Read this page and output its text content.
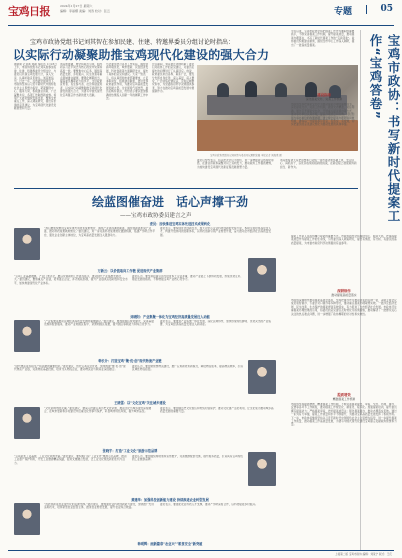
宝鸡日报	2024年1月27日 星期六
编辑：李丽娜 美编：刘涛 校对：张云	专题	05
宝鸡市政协党组书记刘其智在参加民建、住建、特邀界委员分组讨论时指出：
以实际行动凝聚助推宝鸡现代化建设的强大合力
据新闻 记者黄 刘敏 本报讯 1月23日上午，市政协党组书记刘其智参加民建、住建、特邀界委员分组讨论，与委员们共商宝鸡发展大计，深入交流、认真听取意见建议。刘其智指出，过去一年，在市委坚强领导下，市政协坚持以习近平新时代中国特色社会主义思想为指导，紧紧围绕中心，服务大局，积极建言资政、广泛凝聚共识，各项工作取得新成效。希望广大委员继续发挥优势，聚焦全市重点工作，深入调查研究，提出有价值的意见建议，为宝鸡现代化建设贡献智慧和力量。
刘其智强调，要坚持政治引领，始终同以习近平同志为核心的党中央保持高度一致。要聚焦中心任务，围绕高质量发展、乡村振兴、民生改善等重点领域建言献策。要强化履职担当，提高委员履职能力和水平，当好政策宣传者、民生参与者、社会和谐促进者，以实际行动凝聚助推宝鸡现代化建设的强大合力，为谱写中国式现代化宝鸡篇章作出新的更大贡献。
与会委员结合各自工作实际，围绕营商环境优化、城市更新、民营经济发展、科技创新等方面踊跃发言，提出了具体的意见和建议。大家一致表示，将认真贯彻市委部署要求，立足本职岗位，积极建言献策，更好发挥政协委员作用，为推动宝鸡高质量发展贡献力量。讨论现场气氛热烈，委员们畅所欲言，纷纷表示要以更加饱满的热情投入到新一年的履职工作中去。
会议期间，刘其智还详细听取了委员们对政协工作的意见建议，对委员们提出的问题进行了认真回应。他说，政协委员来自各界、联系广泛，要充分发挥自身优势，深入基层、深入群众，广泛收集社情民意，及时反映群众诉求，为党委政府科学决策提供参考，努力在推动宝鸡高质量发展中展现新作为。
宝鸡市政协党组书记刘其智与委员共议履职发展 本报记者 刘海燕 摄
委员们纷纷表示，将以此次会议为契机，进一步增强责任感和使命感，在建言资政和凝聚共识上双向发力，推动政协工作提质增效，为加快建设宝鸡现代化新征程贡献智慧力量。
刘其智希望大家把思想和行动统一到市委决策部署上来，坚定信心、真抓实干，以优异成绩迎接新的挑战，在新征程上展现政协新担当、新作为。
绘蓝图催奋进　话心声撑干劲
——宝鸡市政协委员建言之声
委员：加快推进宝鸡实体先进技术成果转化
“我们要加快推进宝鸡实体先进技术成果转化，围绕产业链部署创新链，围绕创新链布局产业链，推动科技成果就地转化。”委员建议，进一步完善科技成果转化激励机制，搭建产学研合作平台，强化企业创新主体地位，为宝鸡高质量发展注入强劲动力。
委员表示，要持续优化创新生态，加大对中小企业科技创新的支持力度，积极引进培育高层次人才，构建开放协同的创新体系，以科技创新引领产业转型升级，奋力推动全市经济社会高质量发展。
万新云：以价值取向工作链 促进现代产业集群
“宝鸡工业基础雄厚，产业门类齐全，要以价值取向工作链为抓手，推动现代产业集群发展壮大。”委员建议，聚焦重点产业链，培育链主企业，补齐短板弱项，提升产业链供应链韧性和安全水平，加快构建现代化产业体系。
委员认为，要坚持招商引资与培育本土企业并重，推动产业链上下游协同发展，形成优势互补、错位发展的格局，不断增强宝鸡产业核心竞争力。
刘晓阳：产业集聚一体化为宝鸡经济高质量发展注入动能
“产业集聚是推动区域经济高质量发展的重要路径。”委员建议，要加强园区规划建设，完善基础设施和配套服务，推动产业向园区集中、资源向园区集聚，提升园区承载能力和综合竞争力。
委员表示，要推进产业集聚一体化发展，深化区域协作，加快形成特色鲜明、优势突出的产业集群，为宝鸡经济高质量发展注入新动能。
韩长计：打造宝鸡“聚·优·创”现代物流产业链
“现代物流是连接生产和消费的重要纽带。”委员建议，依托宝鸡区位优势，加快构建“聚·优·创”现代物流产业链，完善物流基础设施，培育龙头物流企业，推动物流业与制造业深度融合。
委员认为，要加快智慧物流建设，推广应用新技术新模式，降低物流成本，提高物流效率，打造区域性物流枢纽。
王晓雷：以“文化宝鸡”关注城乡建设
“文化是城市的灵魂。”委员建议，要深入挖掘宝鸡历史文化资源，推动文化与城乡建设深度融合，在城市更新和乡村建设中注重文化传承与保护，彰显城市特色风貌，提升城市品位。
委员表示，要加强历史文化街区和传统村落保护，推动文化遗产活化利用，让文化成为推动城乡高质量发展的重要力量。
张晓宇：打造“工业文化”旅游示范品牌
“宝鸡是老工业基地，工业文化资源丰富。”委员建议，要积极打造“工业文化”旅游示范品牌，推动工业遗产保护利用，开发工业旅游精品线路，促进文旅融合发展，让工业文化焕发新的生机与活力。
委员认为，要加强统筹规划和宣传推介，完善旅游配套设施，提升服务质量，打造具有宝鸡特色的工业旅游品牌。
黄建华：加强科技创新能力建设 持续推进农业转型发展
“科技创新是农业现代化的关键支撑。”委员建议，要加强农业科技创新能力建设，加快推广先进适用技术，培育新型农业经营主体，推进农业转型发展，提升农业综合效益。
委员表示，要强化农业科技人才支撑，推动产学研深度合作，以科技赋能乡村振兴。
韩明辉：画新篇章“农业兴”“粮食安全”新突破
今年以来，宝鸡市政协坚持把提案工作作为履职的重要抓手，不断完善提案工作机制，提升提案质量，推动提案办理落实，书写了新时代提案工作的“宝鸡答卷”。政协委员积极建言献策，围绕全市中心工作深入调研，提出了一批高质量提案。	宝鸡市政协：书写新时代提案工作“宝鸡答卷”
建设指南
深化提案交办，完善工作机制
市政协坚持把提案交办作为推动提案办理的重要环节，深化提案交办，完善工作机制，做到交办精准、责任明确。通过召开提案交办会、开展重点提案督办等方式，推动承办单位认真办理，提高办理质量和实效。同时加强与承办单位的沟通协调，建立健全提案办理跟踪问效机制，确保每一件提案都有回音、有落实、有成效，切实把委员的意见建议转化为推动发展的具体举措。
提案工作是人民政协履行职能的重要方式。市政协始终坚持围绕中心、服务大局，把提高提案质量作为提案工作的生命线，引导委员深入调查研究，提出有情况、有分析、有建议的高质量提案，为市委市政府科学决策提供有益参考。
深耕细作
推动提案高质量落实
市政协深耕细作推动提案高质量落实，坚持把督办作为推动落实的关键一招，采取主席会议成员领衔督办、专委会对口督办等多种形式，推动重点提案办理取得实效。一批涉及经济发展、民生改善、生态保护的提案得到有效落实，有力促进了全市经济社会发展。市政协还注重提案办理结果的运用，将委员的意见建议及时转化为政策措施，推动解决了一批群众关心关注的热点难点问题，进一步增强了政协履职的针对性和实效性。
提质增效
精准提案工作机制
市政协坚持提质增效，精准提案工作机制，不断完善提案提出、审查、交办、办理、督办、反馈等各环节工作制度，推动提案工作规范化、制度化、程序化。加强提案培训，提升委员撰写提案能力；严格提案审查，把好提案质量关；强化提案督办，推动办理落实见效。通过一系列有力举措，提案工作质量和水平不断提升，为推动宝鸡高质量发展发挥了积极作用。下一步，市政协将继续坚持以习近平新时代中国特色社会主义思想为指导，进一步提升提案工作质量，推动提案工作高质量发展，为谱写中国式现代化建设宝鸡篇章贡献政协智慧和力量。
上接第二版 宝鸡市政协 编辑：刘景宁 版式：王庆
